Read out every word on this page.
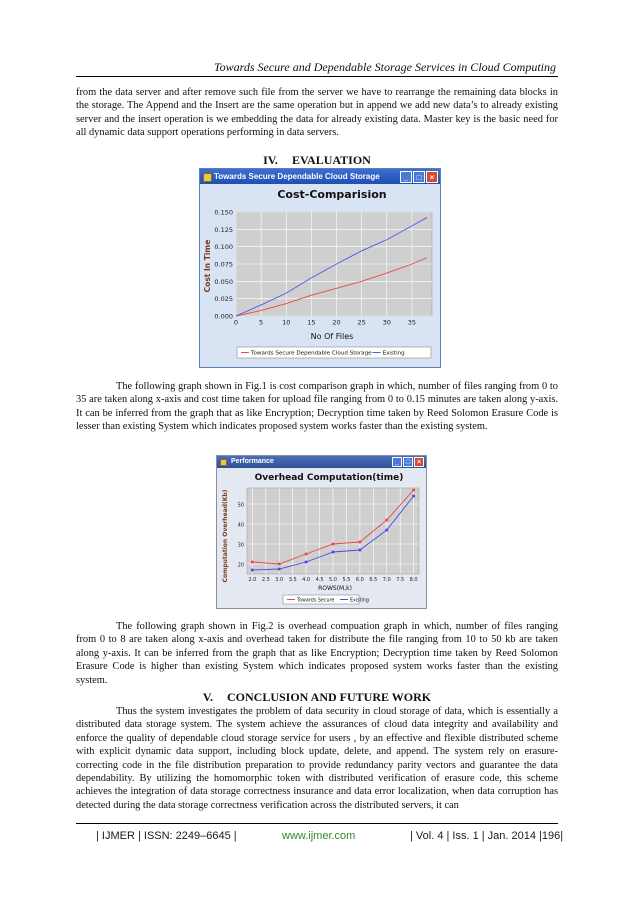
Towards Secure and Dependable Storage Services in Cloud Computing

from the data server and after remove such file from the server we have to rearrange the remaining data blocks in the storage. The Append and the Insert are the same operation but in append we add new data’s to already existing server and the insert operation is we embedding the data for already existing data. Master key is the basic need for all dynamic data support operations performing in data servers.

IV. EVALUATION
Towards Secure Dependable Cloud Storage	_ □ ×
Cost-Comparision
Cost In Time
No Of Files
0.000
0.025
0.050
0.075
0.100
0.125
0.150
0	5	10	15	20	25	30	35
Towards Secure Dependable Cloud Storage Existing

The following graph shown in Fig.1 is cost comparison graph in which, number of files ranging from 0 to 35 are taken along x-axis and cost time taken for upload file ranging from 0 to 0.15 minutes are taken along y-axis. It can be inferred from the graph that as like Encryption; Decryption time taken by Reed Solomon Erasure Code is lesser than existing System which indicates proposed system works faster than the existing system.

Performance	_ □ ×
Overhead Computation(time)
Computation Overhead(Kb)
ROWS(M,k)
20
30
40
50
2.0 2.5 3.0 3.5 4.0 4.5 5.0 5.5 6.0 6.5 7.0 7.5 8.0
Towards Secure	Existing

The following graph shown in Fig.2 is overhead compuation graph in which, number of files ranging from 0 to 8 are taken along x-axis and overhead taken for distribute the file ranging from 10 to 50 kb are taken along y-axis. It can be inferred from the graph that as like Encryption; Decryption time taken by Reed Solomon Erasure Code is higher than existing System which indicates proposed system works faster than the existing system.

V. CONCLUSION AND FUTURE WORK

Thus the system investigates the problem of data security in cloud storage of data, which is essentially a distributed data storage system. The system achieve the assurances of cloud data integrity and availability and enforce the quality of dependable cloud storage service for users , by an effective and flexible distributed scheme with explicit dynamic data support, including block update, delete, and append. The system rely on erasure-correcting code in the file distribution preparation to provide redundancy parity vectors and guarantee the data dependability. By utilizing the homomorphic token with distributed verification of erasure code, this scheme achieves the integration of data storage correctness insurance and data error localization, when data corruption has detected during the data storage correctness verification across the distributed servers, it can

| IJMER | ISSN: 2249–6645 |	www.ijmer.com	| Vol. 4 | Iss. 1 | Jan. 2014 |196|
